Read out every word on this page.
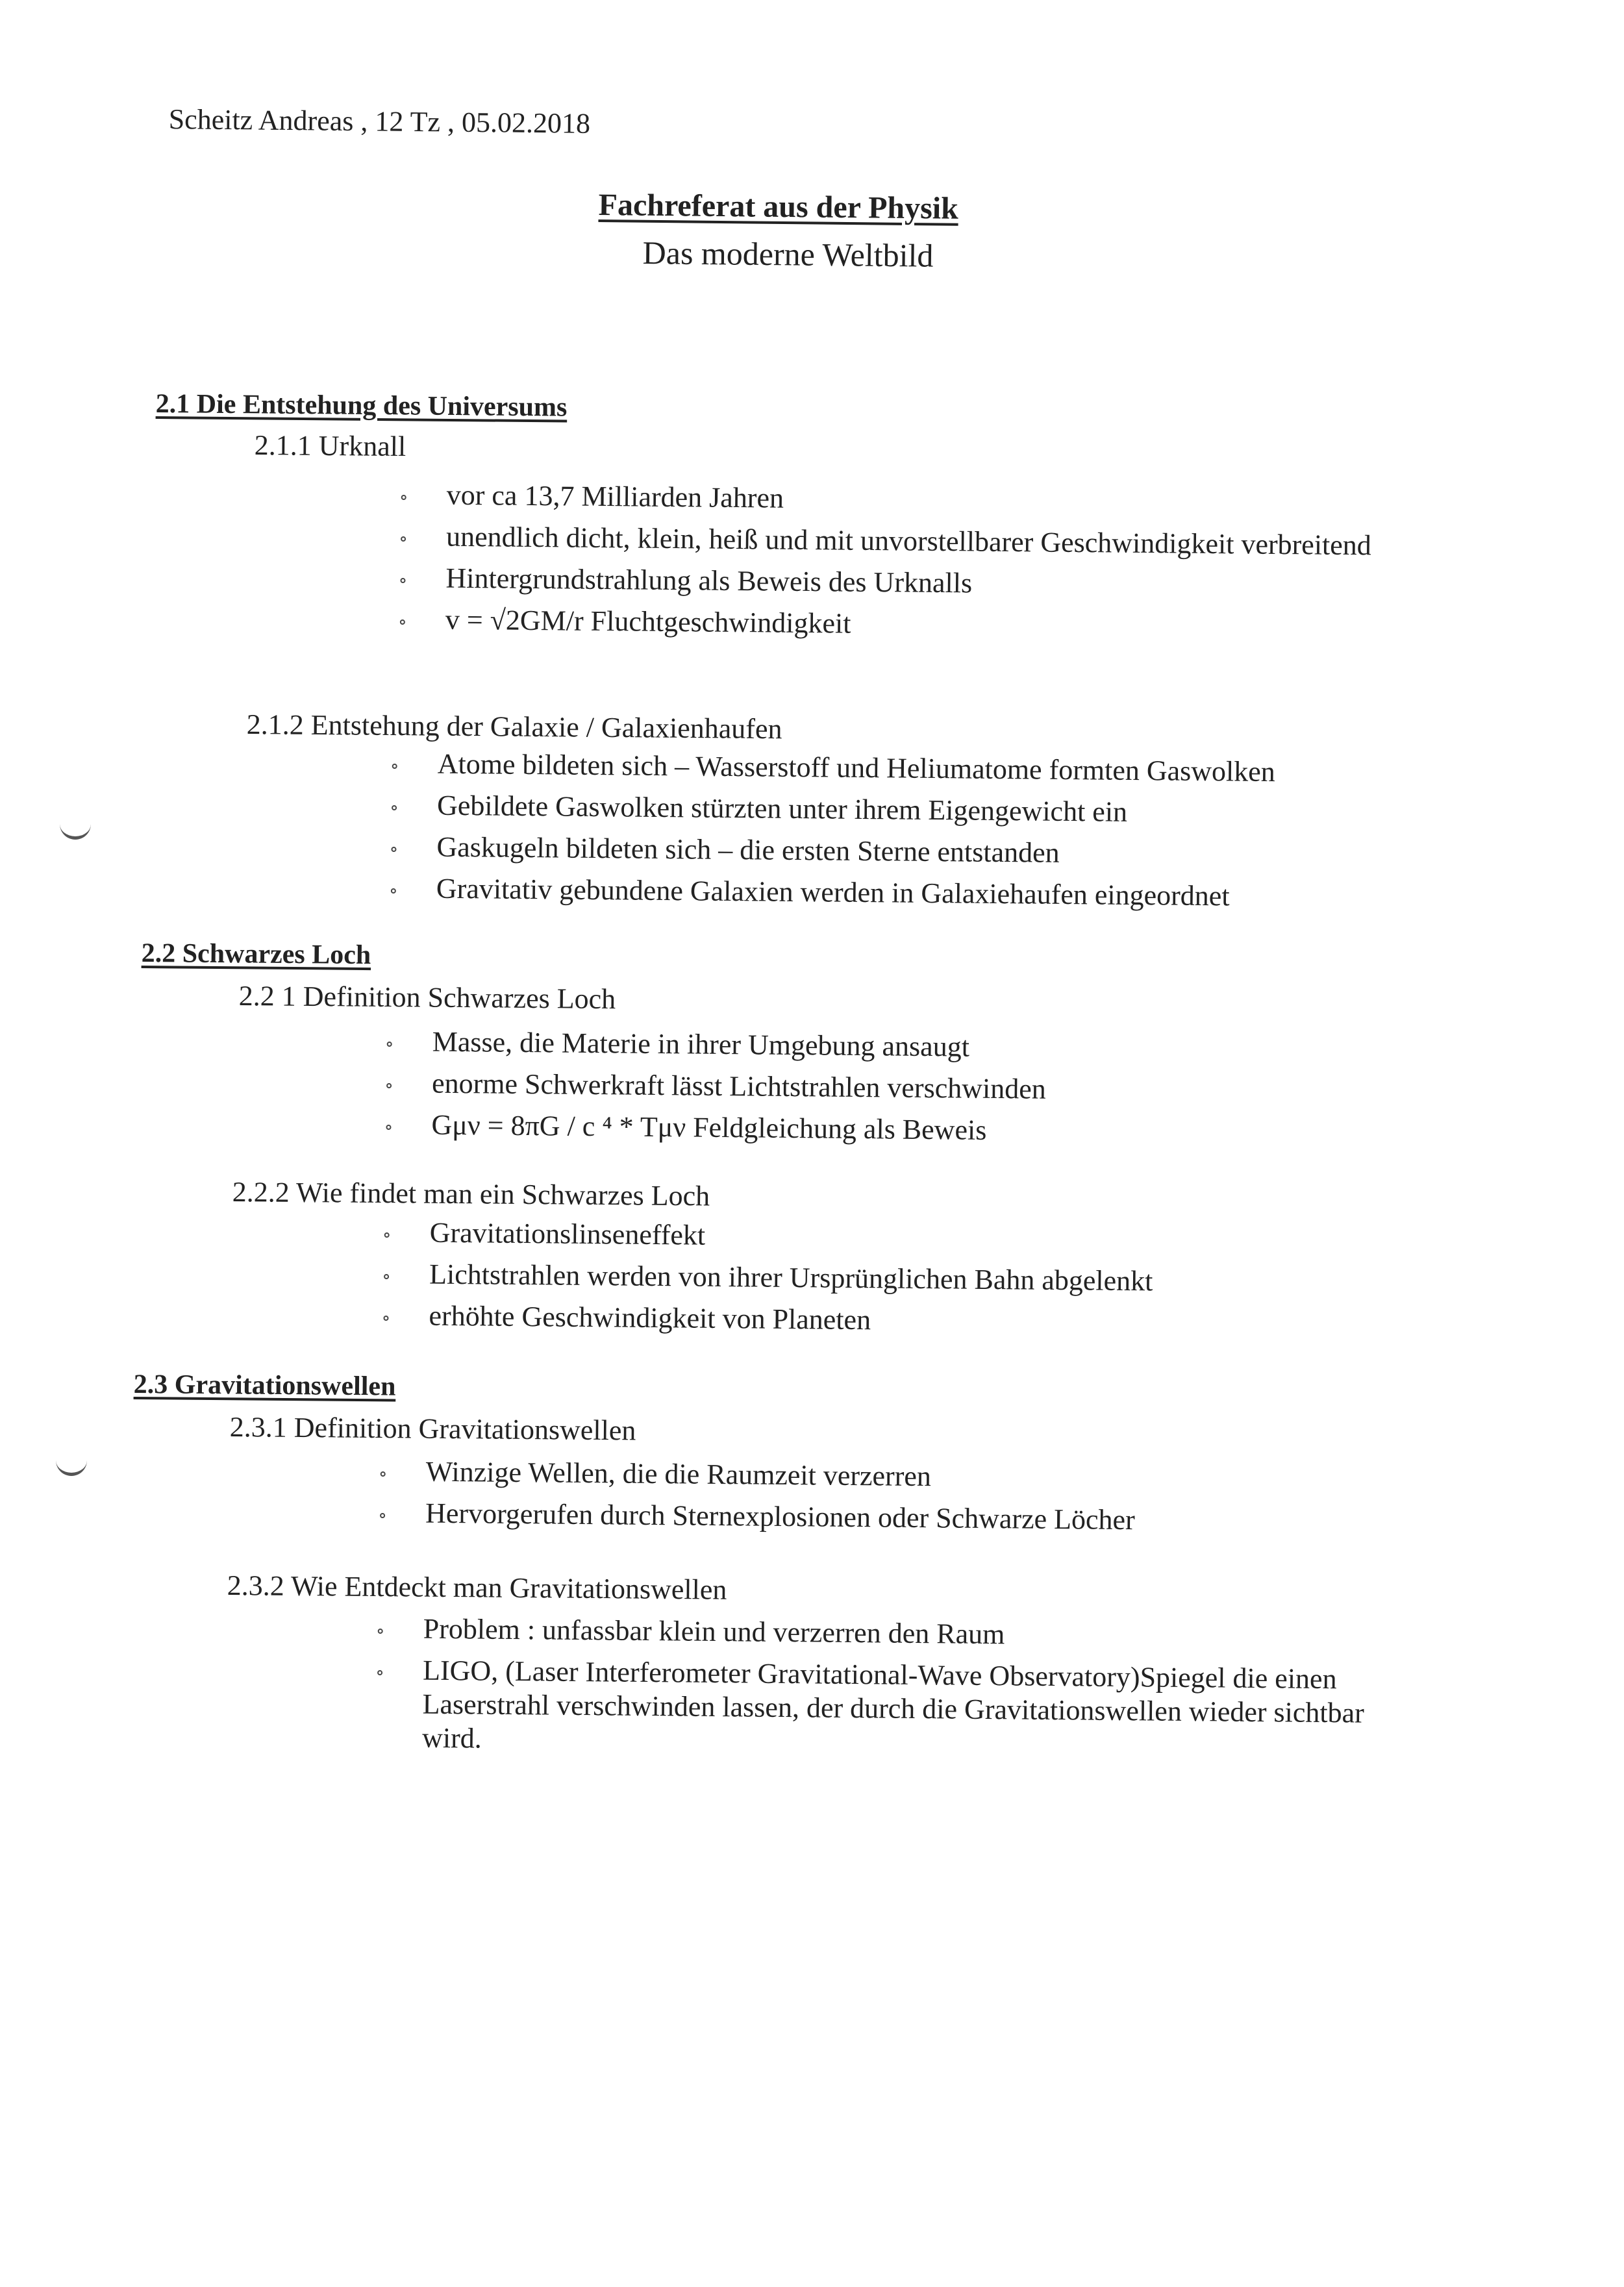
Scheitz Andreas , 12 Tz , 05.02.2018
Fachreferat aus der Physik
Das moderne Weltbild
2.1 Die Entstehung des Universums
2.1.1 Urknall
vor ca 13,7 Milliarden Jahren
unendlich dicht, klein, heiß und mit unvorstellbarer Geschwindigkeit verbreitend
Hintergrundstrahlung als Beweis des Urknalls
v = √2GM/r Fluchtgeschwindigkeit
2.1.2 Entstehung der Galaxie / Galaxienhaufen
Atome bildeten sich – Wasserstoff und Heliumatome formten Gaswolken
Gebildete Gaswolken stürzten unter ihrem Eigengewicht ein
Gaskugeln bildeten sich – die ersten Sterne entstanden
Gravitativ gebundene Galaxien werden in Galaxiehaufen eingeordnet
2.2 Schwarzes Loch
2.2 1 Definition Schwarzes Loch
Masse, die Materie in ihrer Umgebung ansaugt
enorme Schwerkraft lässt Lichtstrahlen verschwinden
Gμν = 8πG / c ⁴ * Tμν Feldgleichung als Beweis
2.2.2 Wie findet man ein Schwarzes Loch
Gravitationslinseneffekt
Lichtstrahlen werden von ihrer Ursprünglichen Bahn abgelenkt
erhöhte Geschwindigkeit von Planeten
2.3 Gravitationswellen
2.3.1 Definition Gravitationswellen
Winzige Wellen, die die Raumzeit verzerren
Hervorgerufen durch Sternexplosionen oder Schwarze Löcher
2.3.2 Wie Entdeckt man Gravitationswellen
Problem : unfassbar klein und verzerren den Raum
LIGO, (Laser Interferometer Gravitational-Wave Observatory)Spiegel die einen Laserstrahl verschwinden lassen, der durch die Gravitationswellen wieder sichtbar wird.
